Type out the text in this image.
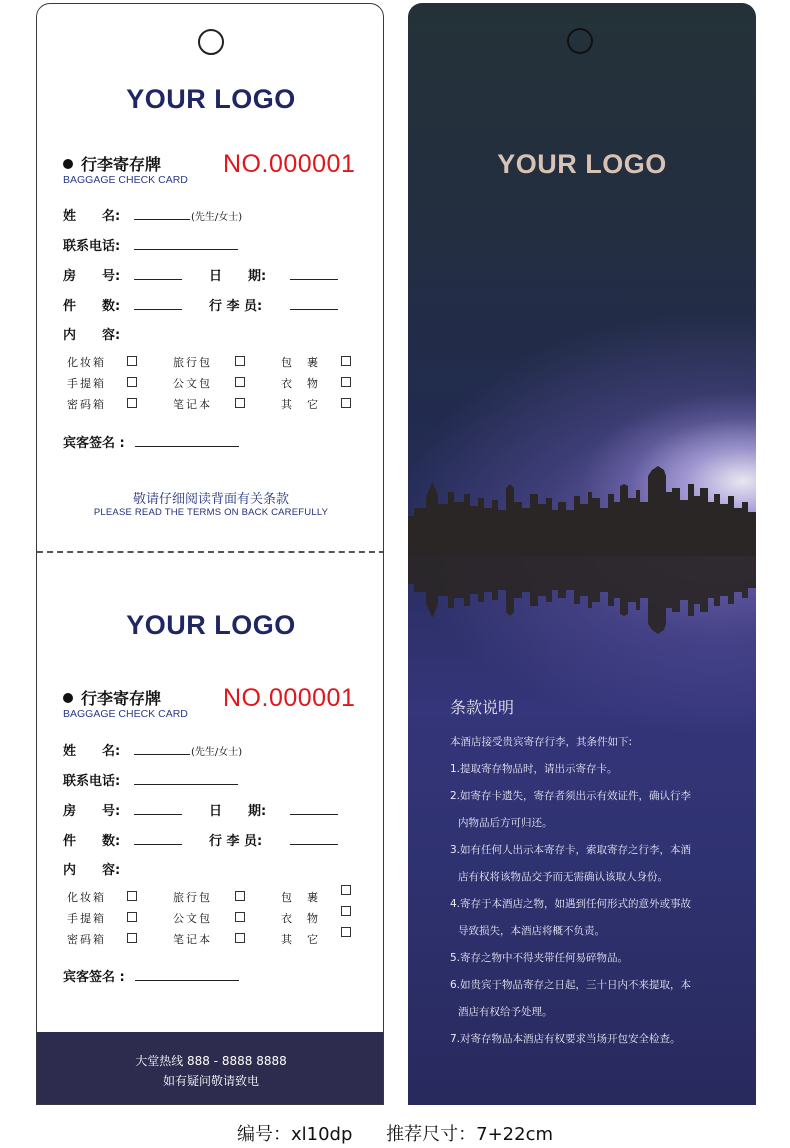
YOUR LOGO
行李寄存牌
BAGGAGE CHECK CARD
NO.000001
姓　　名:	(先生/女士)
联系电话:
房　　号:	日　　期:
件　　数:	行 李 员:
内　　容:
化妆箱	旅行包	包　裹
手提箱	公文包	衣　物
密码箱	笔记本	其　它
宾客签名 :
敬请仔细阅读背面有关条款
PLEASE READ THE TERMS ON BACK CAREFULLY
YOUR LOGO
行李寄存牌
BAGGAGE CHECK CARD
NO.000001
姓　　名:	(先生/女士)
联系电话:
房　　号:	日　　期:
件　　数:	行 李 员:
内　　容:
化妆箱	旅行包	包　裹
手提箱	公文包	衣　物
密码箱	笔记本	其　它
宾客签名 :
大堂热线 888 - 8888 8888
如有疑问敬请致电
YOUR LOGO
条款说明
本酒店接受贵宾寄存行李，其条件如下:
1.提取寄存物品时，请出示寄存卡。
2.如寄存卡遗失，寄存者须出示有效证件，确认行李
内物品后方可归还。
3.如有任何人出示本寄存卡，索取寄存之行李，本酒
店有权将该物品交予而无需确认该取人身份。
4.寄存于本酒店之物，如遇到任何形式的意外或事故
导致损失，本酒店将概不负责。
5.寄存之物中不得夹带任何易碎物品。
6.如贵宾于物品寄存之日起，三十日内不来提取，本
酒店有权给予处理。
7.对寄存物品本酒店有权要求当场开包安全检查。
编号：xl10dp 推荐尺寸：7+22cm
